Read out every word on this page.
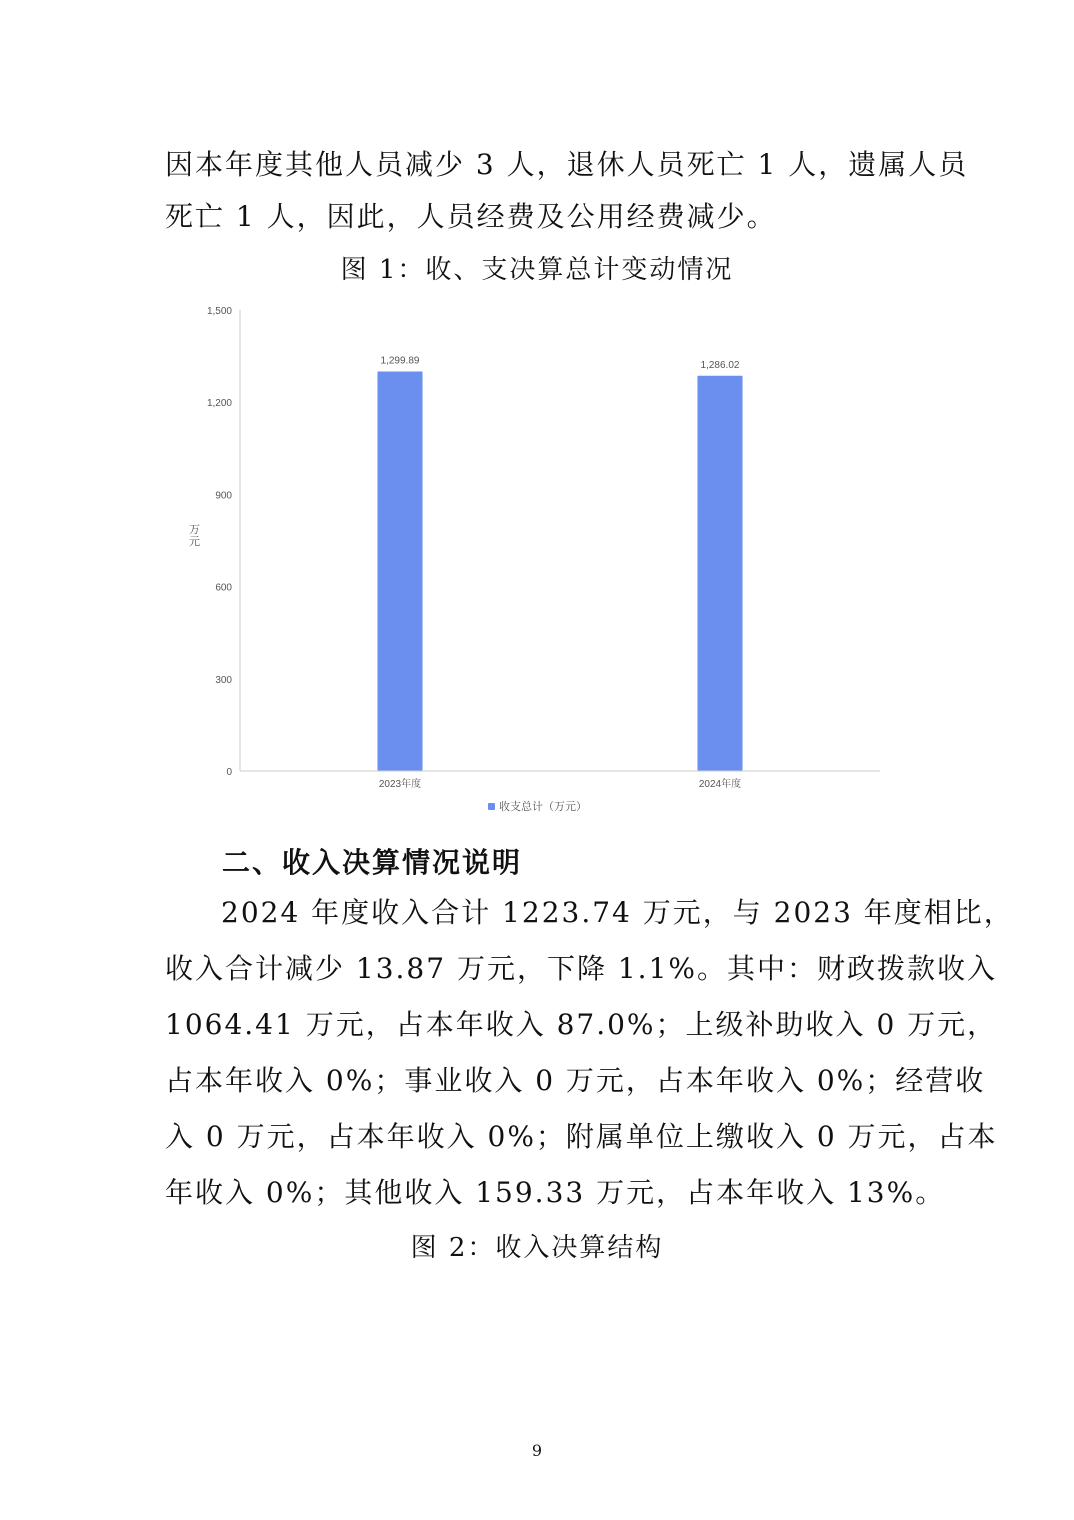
因本年度其他人员减少 3 人，退休人员死亡 1 人，遗属人员
死亡 1 人，因此，人员经费及公用经费减少。
图 1：收、支决算总计变动情况
0
300
600
900
1,200
1,500
1,299.89	1,286.02
2023年度	2024年度
万元
收支总计（万元）
二、收入决算情况说明
2024 年度收入合计 1223.74 万元，与 2023 年度相比，
收入合计减少 13.87 万元，下降 1.1%。其中：财政拨款收入
1064.41 万元，占本年收入 87.0%；上级补助收入 0 万元，
占本年收入 0%；事业收入 0 万元，占本年收入 0%；经营收
入 0 万元，占本年收入 0%；附属单位上缴收入 0 万元，占本
年收入 0%；其他收入 159.33 万元，占本年收入 13%。
图 2：收入决算结构
9
